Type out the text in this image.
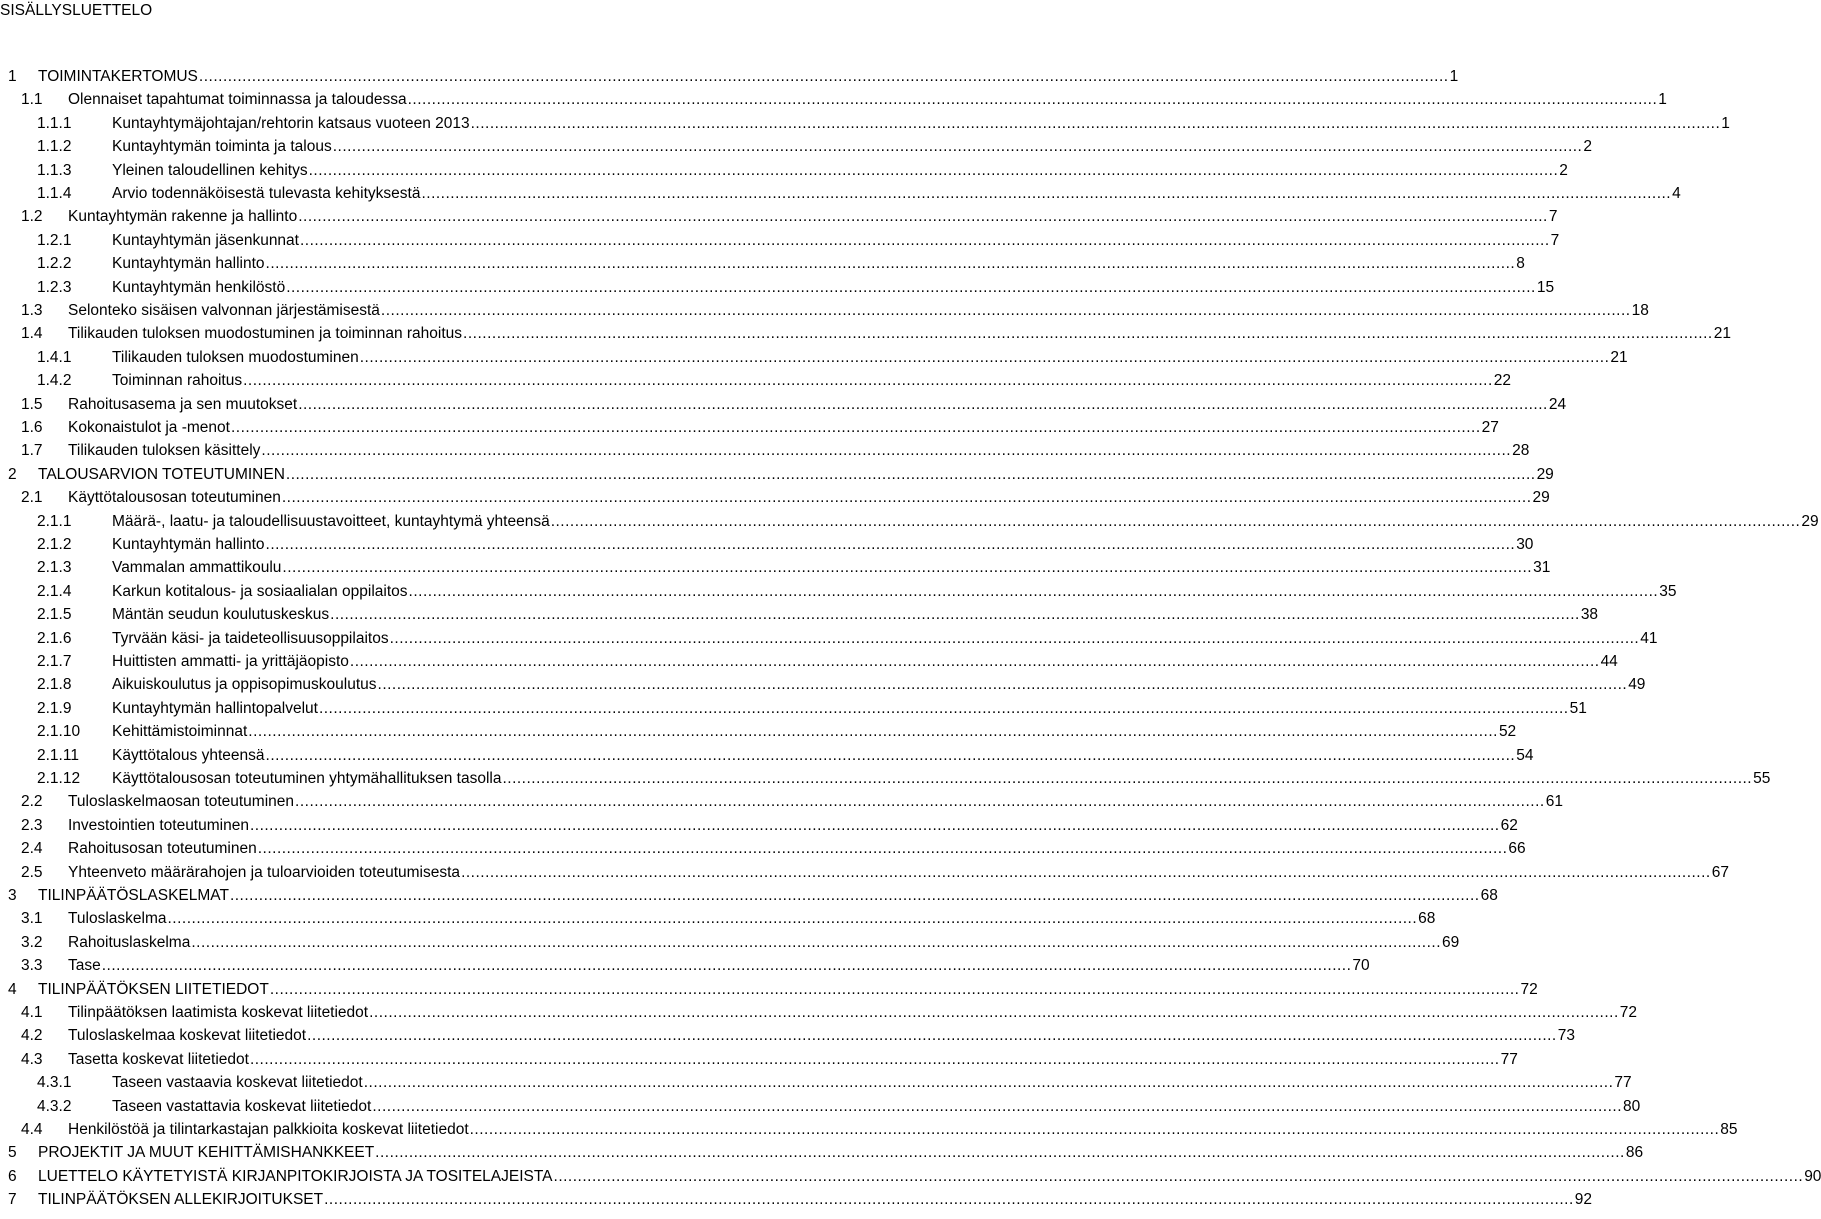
SISÄLLYSLUETTELO
1 TOIMINTAKERTOMUS .................................................................................................................................................................................................................................................................... 1
1.1 Olennaiset tapahtumat toiminnassa ja taloudessa .................................................................................................................................................................................................................................................................... 1
1.1.1	Kuntayhtymäjohtajan/rehtorin katsaus vuoteen 2013 .................................................................................................................................................................................................................................................................... 1
1.1.2	Kuntayhtymän toiminta ja talous .................................................................................................................................................................................................................................................................... 2
1.1.3	Yleinen taloudellinen kehitys .................................................................................................................................................................................................................................................................... 2
1.1.4	Arvio todennäköisestä tulevasta kehityksestä .................................................................................................................................................................................................................................................................... 4
1.2 Kuntayhtymän rakenne ja hallinto .................................................................................................................................................................................................................................................................... 7
1.2.1	Kuntayhtymän jäsenkunnat .................................................................................................................................................................................................................................................................... 7
1.2.2	Kuntayhtymän hallinto .................................................................................................................................................................................................................................................................... 8
1.2.3	Kuntayhtymän henkilöstö .................................................................................................................................................................................................................................................................... 15
1.3 Selonteko sisäisen valvonnan järjestämisestä .................................................................................................................................................................................................................................................................... 18
1.4 Tilikauden tuloksen muodostuminen ja toiminnan rahoitus .................................................................................................................................................................................................................................................................... 21
1.4.1	Tilikauden tuloksen muodostuminen .................................................................................................................................................................................................................................................................... 21
1.4.2	Toiminnan rahoitus .................................................................................................................................................................................................................................................................... 22
1.5 Rahoitusasema ja sen muutokset .................................................................................................................................................................................................................................................................... 24
1.6 Kokonaistulot ja -menot .................................................................................................................................................................................................................................................................... 27
1.7 Tilikauden tuloksen käsittely .................................................................................................................................................................................................................................................................... 28
2 TALOUSARVION TOTEUTUMINEN .................................................................................................................................................................................................................................................................... 29
2.1 Käyttötalousosan toteutuminen .................................................................................................................................................................................................................................................................... 29
2.1.1	Määrä-, laatu- ja taloudellisuustavoitteet, kuntayhtymä yhteensä .................................................................................................................................................................................................................................................................... 29
2.1.2	Kuntayhtymän hallinto .................................................................................................................................................................................................................................................................... 30
2.1.3	Vammalan ammattikoulu .................................................................................................................................................................................................................................................................... 31
2.1.4	Karkun kotitalous- ja sosiaalialan oppilaitos .................................................................................................................................................................................................................................................................... 35
2.1.5	Mäntän seudun koulutuskeskus .................................................................................................................................................................................................................................................................... 38
2.1.6	Tyrvään käsi- ja taideteollisuusoppilaitos .................................................................................................................................................................................................................................................................... 41
2.1.7	Huittisten ammatti- ja yrittäjäopisto .................................................................................................................................................................................................................................................................... 44
2.1.8	Aikuiskoulutus ja oppisopimuskoulutus .................................................................................................................................................................................................................................................................... 49
2.1.9	Kuntayhtymän hallintopalvelut .................................................................................................................................................................................................................................................................... 51
2.1.10 Kehittämistoiminnat .................................................................................................................................................................................................................................................................... 52
2.1.11 Käyttötalous yhteensä .................................................................................................................................................................................................................................................................... 54
2.1.12 Käyttötalousosan toteutuminen yhtymähallituksen tasolla .................................................................................................................................................................................................................................................................... 55
2.2 Tuloslaskelmaosan toteutuminen .................................................................................................................................................................................................................................................................... 61
2.3 Investointien toteutuminen .................................................................................................................................................................................................................................................................... 62
2.4 Rahoitusosan toteutuminen .................................................................................................................................................................................................................................................................... 66
2.5 Yhteenveto määrärahojen ja tuloarvioiden toteutumisesta .................................................................................................................................................................................................................................................................... 67
3 TILINPÄÄTÖSLASKELMAT .................................................................................................................................................................................................................................................................... 68
3.1 Tuloslaskelma .................................................................................................................................................................................................................................................................... 68
3.2 Rahoituslaskelma .................................................................................................................................................................................................................................................................... 69
3.3 Tase .................................................................................................................................................................................................................................................................... 70
4 TILINPÄÄTÖKSEN LIITETIEDOT .................................................................................................................................................................................................................................................................... 72
4.1 Tilinpäätöksen laatimista koskevat liitetiedot .................................................................................................................................................................................................................................................................... 72
4.2 Tuloslaskelmaa koskevat liitetiedot .................................................................................................................................................................................................................................................................... 73
4.3 Tasetta koskevat liitetiedot .................................................................................................................................................................................................................................................................... 77
4.3.1	Taseen vastaavia koskevat liitetiedot .................................................................................................................................................................................................................................................................... 77
4.3.2	Taseen vastattavia koskevat liitetiedot .................................................................................................................................................................................................................................................................... 80
4.4 Henkilöstöä ja tilintarkastajan palkkioita koskevat liitetiedot .................................................................................................................................................................................................................................................................... 85
5 PROJEKTIT JA MUUT KEHITTÄMISHANKKEET .................................................................................................................................................................................................................................................................... 86
6 LUETTELO KÄYTETYISTÄ KIRJANPITOKIRJOISTA JA TOSITELAJEISTA .................................................................................................................................................................................................................................................................... 90
7 TILINPÄÄTÖKSEN ALLEKIRJOITUKSET .................................................................................................................................................................................................................................................................... 92
